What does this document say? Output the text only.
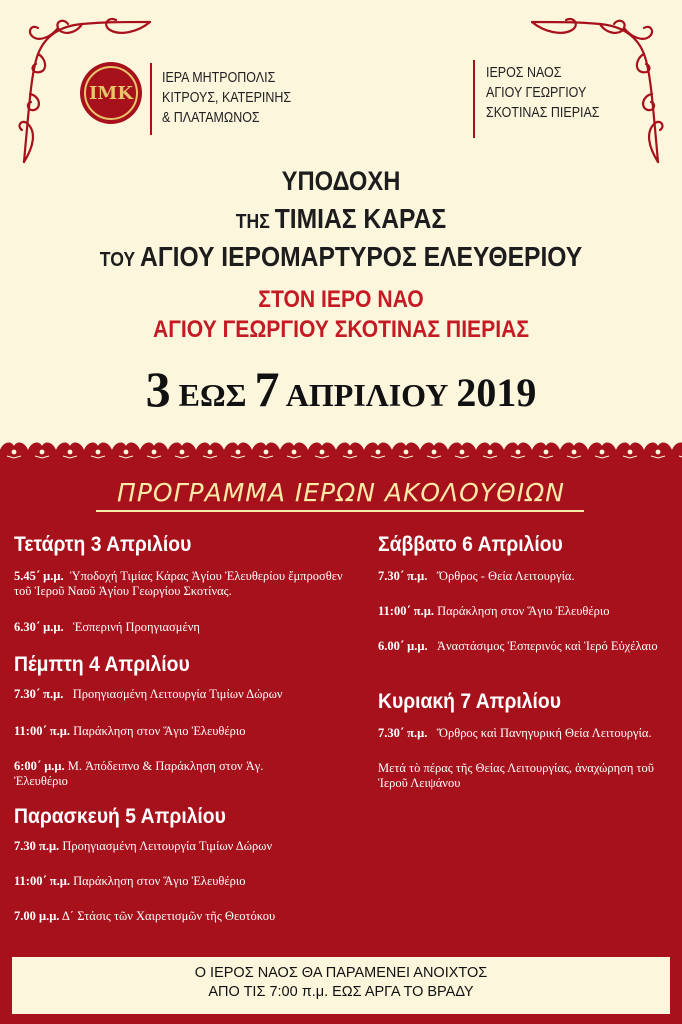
ΙΜΚ
ΙΕΡΑ ΜΗΤΡΟΠΟΛΙΣ
ΚΙΤΡΟΥΣ, ΚΑΤΕΡΙΝΗΣ
& ΠΛΑΤΑΜΩΝΟΣ
ΙΕΡΟΣ ΝΑΟΣ
ΑΓΙΟΥ ΓΕΩΡΓΙΟΥ
ΣΚΟΤΙΝΑΣ ΠΙΕΡΙΑΣ
ΥΠΟΔΟΧΗ
ΤΗΣ ΤΙΜΙΑΣ ΚΑΡΑΣ
ΤΟΥ ΑΓΙΟΥ ΙΕΡΟΜΑΡΤΥΡΟΣ ΕΛΕΥΘΕΡΙΟΥ
ΣΤΟΝ ΙΕΡΟ ΝΑΟ
ΑΓΙΟΥ ΓΕΩΡΓΙΟΥ ΣΚΟΤΙΝΑΣ ΠΙΕΡΙΑΣ
3 ΕΩΣ 7 ΑΠΡΙΛΙΟΥ 2019
ΠΡΟΓΡΑΜΜΑ ΙΕΡΩΝ ΑΚΟΛΟΥΘΙΩΝ
Τετάρτη 3 Απριλίου
5.45΄ μ.μ. Ὑποδοχή Τιμίας Κάρας Ἁγίου Ἐλευθερίου ἔμπροσθεν τοῦ Ἱεροῦ Ναοῦ Ἁγίου Γεωργίου Σκοτίνας.
6.30΄ μ.μ. Ἑσπερινή Προηγιασμένη
Πέμπτη 4 Απριλίου
7.30΄ π.μ. Προηγιασμένη Λειτουργία Τιμίων Δώρων
11:00΄ π.μ. Παράκληση στον Ἅγιο Ἐλευθέριο
6:00΄ μ.μ. Μ. Ἀπόδειπνο & Παράκληση στον Ἁγ. Ἐλευθέριο
Παρασκευή 5 Απριλίου
7.30 π.μ. Προηγιασμένη Λειτουργία Τιμίων Δώρων
11:00΄ π.μ. Παράκληση στον Ἅγιο Ἐλευθέριο
7.00 μ.μ. Δ΄ Στάσις τῶν Χαιρετισμῶν τῆς Θεοτόκου
Σάββατο 6 Απριλίου
7.30΄ π.μ. Ὄρθρος - Θεία Λειτουργία.
11:00΄ π.μ. Παράκληση στον Ἅγιο Ἐλευθέριο
6.00΄ μ.μ. Ἀναστάσιμος Ἑσπερινός καὶ Ἱερό Εὐχέλαιο
Κυριακή 7 Απριλίου
7.30΄ π.μ. Ὄρθρος καὶ Πανηγυρική Θεία Λειτουργία.
Μετά τὸ πέρας τῆς Θείας Λειτουργίας, ἀναχώρηση τοῦ Ἱεροῦ Λειψάνου
Ο ΙΕΡΟΣ ΝΑΟΣ ΘΑ ΠΑΡΑΜΕΝΕΙ ΑΝΟΙΧΤΟΣ
ΑΠΟ ΤΙΣ 7:00 π.μ. ΕΩΣ ΑΡΓΑ ΤΟ ΒΡΑΔΥ
